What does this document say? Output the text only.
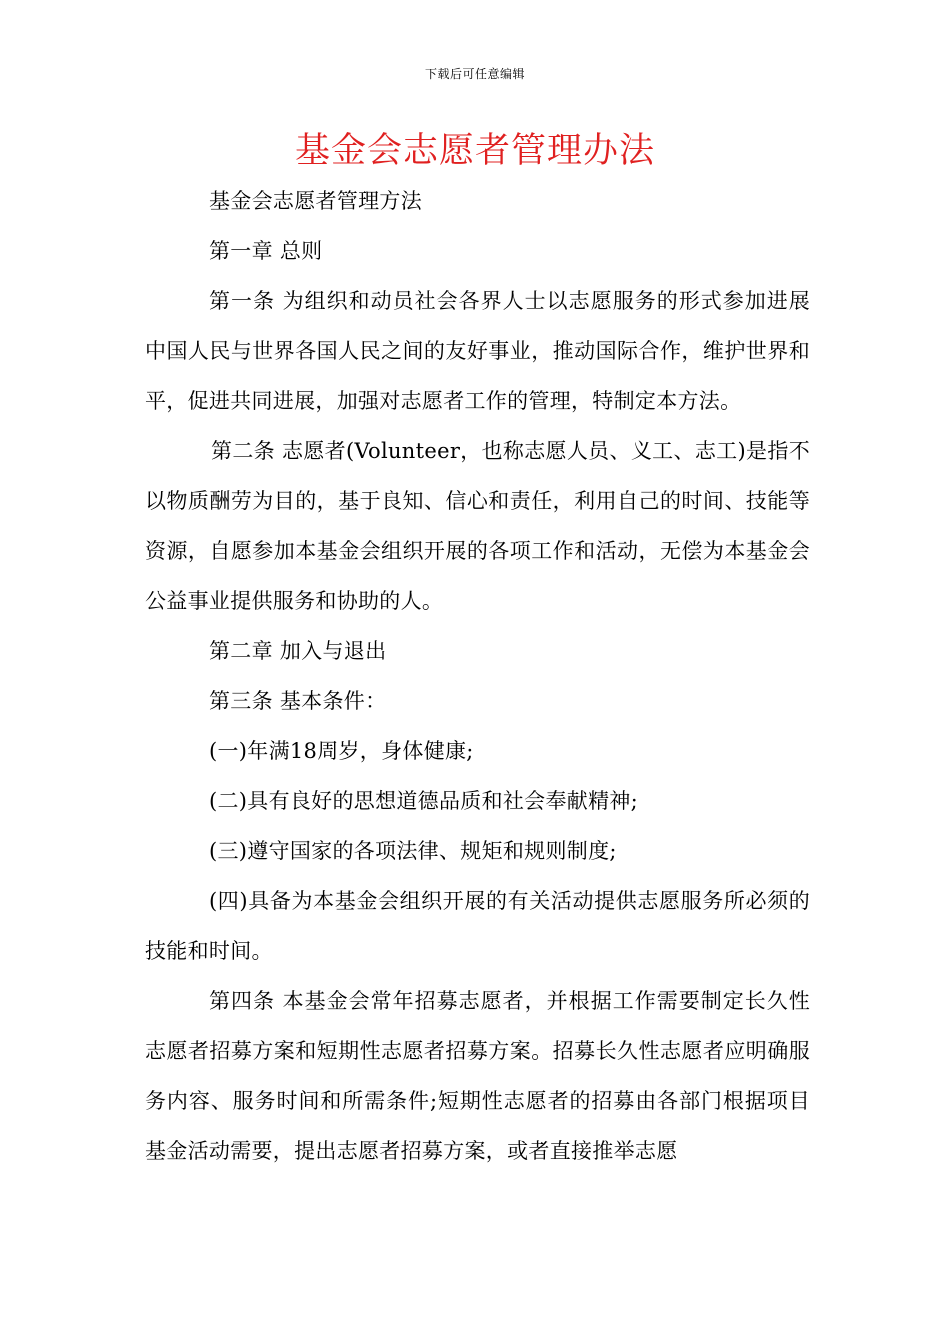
下载后可任意编辑
基金会志愿者管理办法

基金会志愿者管理方法

第一章 总则

第一条 为组织和动员社会各界人士以志愿服务的形式参加进展中国人民与世界各国人民之间的友好事业，推动国际合作，维护世界和平，促进共同进展，加强对志愿者工作的管理，特制定本方法。

第二条 志愿者(Volunteer，也称志愿人员、义工、志工)是指不以物质酬劳为目的，基于良知、信心和责任，利用自己的时间、技能等资源，自愿参加本基金会组织开展的各项工作和活动，无偿为本基金会公益事业提供服务和协助的人。

第二章 加入与退出

第三条 基本条件：

(一)年满18周岁，身体健康;

(二)具有良好的思想道德品质和社会奉献精神;

(三)遵守国家的各项法律、规矩和规则制度;

(四)具备为本基金会组织开展的有关活动提供志愿服务所必须的技能和时间。

第四条 本基金会常年招募志愿者，并根据工作需要制定长久性志愿者招募方案和短期性志愿者招募方案。招募长久性志愿者应明确服务内容、服务时间和所需条件;短期性志愿者的招募由各部门根据项目基金活动需要，提出志愿者招募方案，或者直接推举志愿
